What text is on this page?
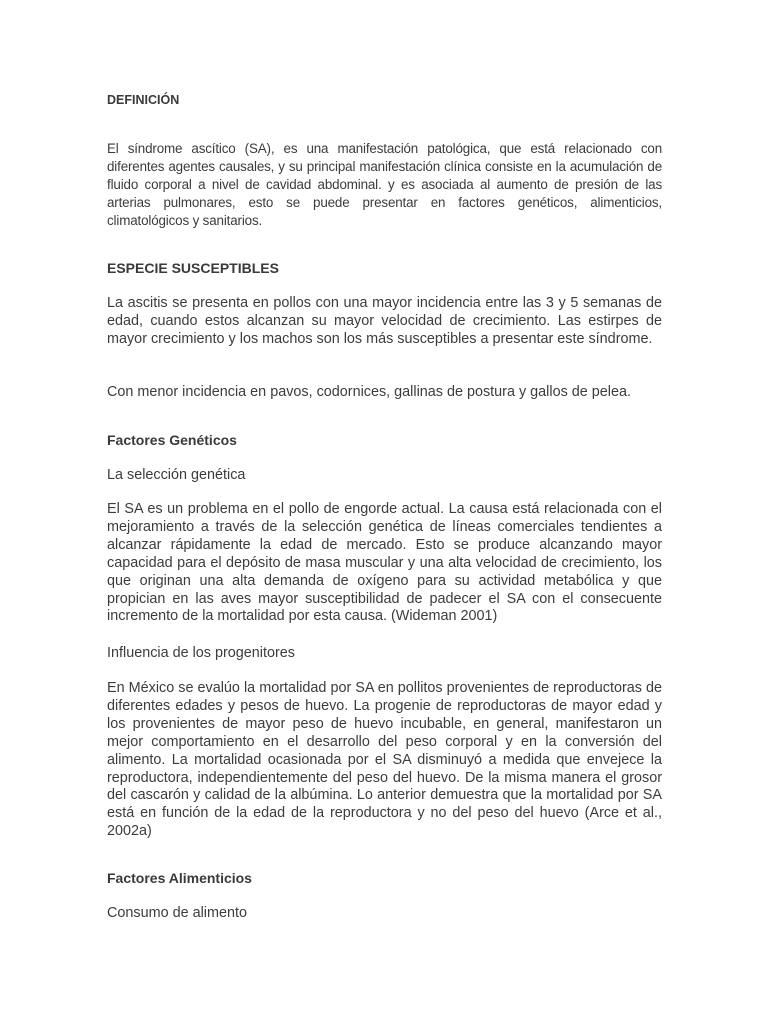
DEFINICIÓN

El síndrome ascítico (SA), es una manifestación patológica, que está relacionado con diferentes agentes causales, y su principal manifestación clínica consiste en la acumulación de fluido corporal a nivel de cavidad abdominal. y es asociada al aumento de presión de las arterias pulmonares, esto se puede presentar en factores genéticos, alimenticios, climatológicos y sanitarios.

ESPECIE SUSCEPTIBLES

La ascitis se presenta en pollos con una mayor incidencia entre las 3 y 5 semanas de edad, cuando estos alcanzan su mayor velocidad de crecimiento. Las estirpes de mayor crecimiento y los machos son los más susceptibles a presentar este síndrome.

Con menor incidencia en pavos, codornices, gallinas de postura y gallos de pelea.

Factores Genéticos
La selección genética

El SA es un problema en el pollo de engorde actual. La causa está relacionada con el mejoramiento a través de la selección genética de líneas comerciales tendientes a alcanzar rápidamente la edad de mercado. Esto se produce alcanzando mayor capacidad para el depósito de masa muscular y una alta velocidad de crecimiento, los que originan una alta demanda de oxígeno para su actividad metabólica y que propician en las aves mayor susceptibilidad de padecer el SA con el consecuente incremento de la mortalidad por esta causa. (Wideman 2001)

Influencia de los progenitores

En México se evalúo la mortalidad por SA en pollitos provenientes de reproductoras de diferentes edades y pesos de huevo. La progenie de reproductoras de mayor edad y los provenientes de mayor peso de huevo incubable, en general, manifestaron un mejor comportamiento en el desarrollo del peso corporal y en la conversión del alimento. La mortalidad ocasionada por el SA disminuyó a medida que envejece la reproductora, independientemente del peso del huevo. De la misma manera el grosor del cascarón y calidad de la albúmina. Lo anterior demuestra que la mortalidad por SA está en función de la edad de la reproductora y no del peso del huevo (Arce et al., 2002a)

Factores Alimenticios
Consumo de alimento
